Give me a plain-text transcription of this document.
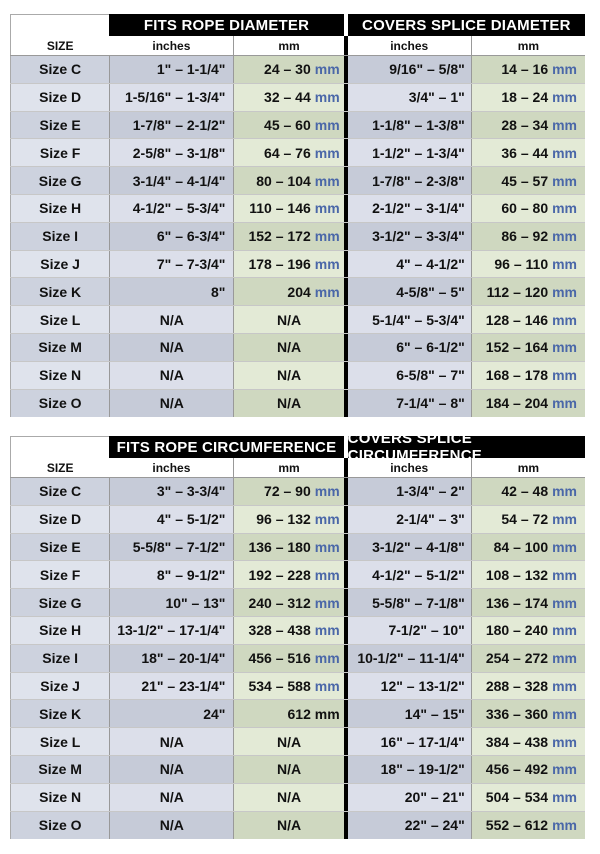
FITS ROPE DIAMETER	COVERS SPLICE DIAMETER
SIZE	inches	mm	inches	mm
Size C	1" – 1-1/4"	24 – 30 mm	9/16" – 5/8"	14 – 16 mm
Size D	1-5/16" – 1-3/4"	32 – 44 mm	3/4" – 1"	18 – 24 mm
Size E	1-7/8" – 2-1/2"	45 – 60 mm	1-1/8" – 1-3/8"	28 – 34 mm
Size F	2-5/8" – 3-1/8"	64 – 76 mm	1-1/2" – 1-3/4"	36 – 44 mm
Size G	3-1/4" – 4-1/4"	80 – 104 mm	1-7/8" – 2-3/8"	45 – 57 mm
Size H	4-1/2" – 5-3/4"	110 – 146 mm	2-1/2" – 3-1/4"	60 – 80 mm
Size I	6" – 6-3/4"	152 – 172 mm	3-1/2" – 3-3/4"	86 – 92 mm
Size J	7" – 7-3/4"	178 – 196 mm	4" – 4-1/2"	96 – 110 mm
Size K	8"	204 mm	4-5/8" – 5"	112 – 120 mm
Size L	N/A	N/A	5-1/4" – 5-3/4"	128 – 146 mm
Size M	N/A	N/A	6" – 6-1/2"	152 – 164 mm
Size N	N/A	N/A	6-5/8" – 7"	168 – 178 mm
Size O	N/A	N/A	7-1/4" – 8"	184 – 204 mm
FITS ROPE CIRCUMFERENCE COVERS SPLICE CIRCUMFERENCE
SIZE	inches	mm	inches	mm
Size C	3" – 3-3/4"	72 – 90 mm	1-3/4" – 2"	42 – 48 mm
Size D	4" – 5-1/2"	96 – 132 mm	2-1/4" – 3"	54 – 72 mm
Size E	5-5/8" – 7-1/2"	136 – 180 mm	3-1/2" – 4-1/8"	84 – 100 mm
Size F	8" – 9-1/2"	192 – 228 mm	4-1/2" – 5-1/2"	108 – 132 mm
Size G	10" – 13"	240 – 312 mm	5-5/8" – 7-1/8"	136 – 174 mm
Size H	13-1/2" – 17-1/4"	328 – 438 mm	7-1/2" – 10"	180 – 240 mm
Size I	18" – 20-1/4"	456 – 516 mm	10-1/2" – 11-1/4"	254 – 272 mm
Size J	21" – 23-1/4"	534 – 588 mm	12" – 13-1/2"	288 – 328 mm
Size K	24"	612 mm	14" – 15"	336 – 360 mm
Size L	N/A	N/A	16" – 17-1/4"	384 – 438 mm
Size M	N/A	N/A	18" – 19-1/2"	456 – 492 mm
Size N	N/A	N/A	20" – 21"	504 – 534 mm
Size O	N/A	N/A	22" – 24"	552 – 612 mm
